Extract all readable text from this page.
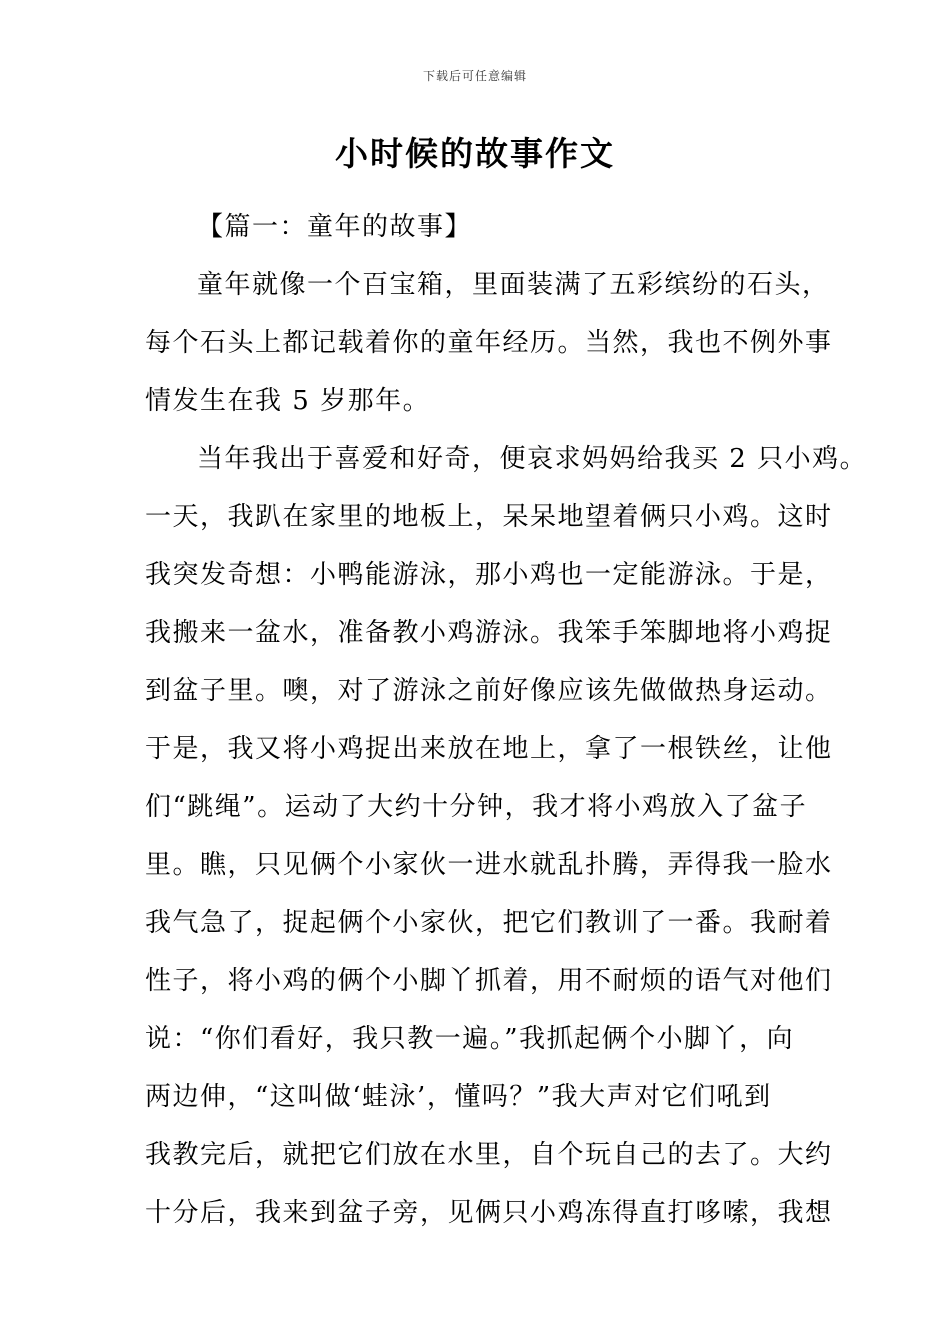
下载后可任意编辑
小时候的故事作文
【篇一：童年的故事】
童年就像一个百宝箱，里面装满了五彩缤纷的石头，
每个石头上都记载着你的童年经历。当然，我也不例外事
情发生在我 5 岁那年。
当年我出于喜爱和好奇，便哀求妈妈给我买 2 只小鸡。
一天，我趴在家里的地板上，呆呆地望着俩只小鸡。这时
我突发奇想：小鸭能游泳，那小鸡也一定能游泳。于是，
我搬来一盆水，准备教小鸡游泳。我笨手笨脚地将小鸡捉
到盆子里。噢，对了游泳之前好像应该先做做热身运动。
于是，我又将小鸡捉出来放在地上，拿了一根铁丝，让他
们“跳绳”。运动了大约十分钟，我才将小鸡放入了盆子
里。瞧，只见俩个小家伙一进水就乱扑腾，弄得我一脸水
我气急了，捉起俩个小家伙，把它们教训了一番。我耐着
性子，将小鸡的俩个小脚丫抓着，用不耐烦的语气对他们
说：“你们看好，我只教一遍。”我抓起俩个小脚丫，向
两边伸，“这叫做‘蛙泳’，懂吗？”我大声对它们吼到
我教完后，就把它们放在水里，自个玩自己的去了。大约
十分后，我来到盆子旁，见俩只小鸡冻得直打哆嗦，我想
